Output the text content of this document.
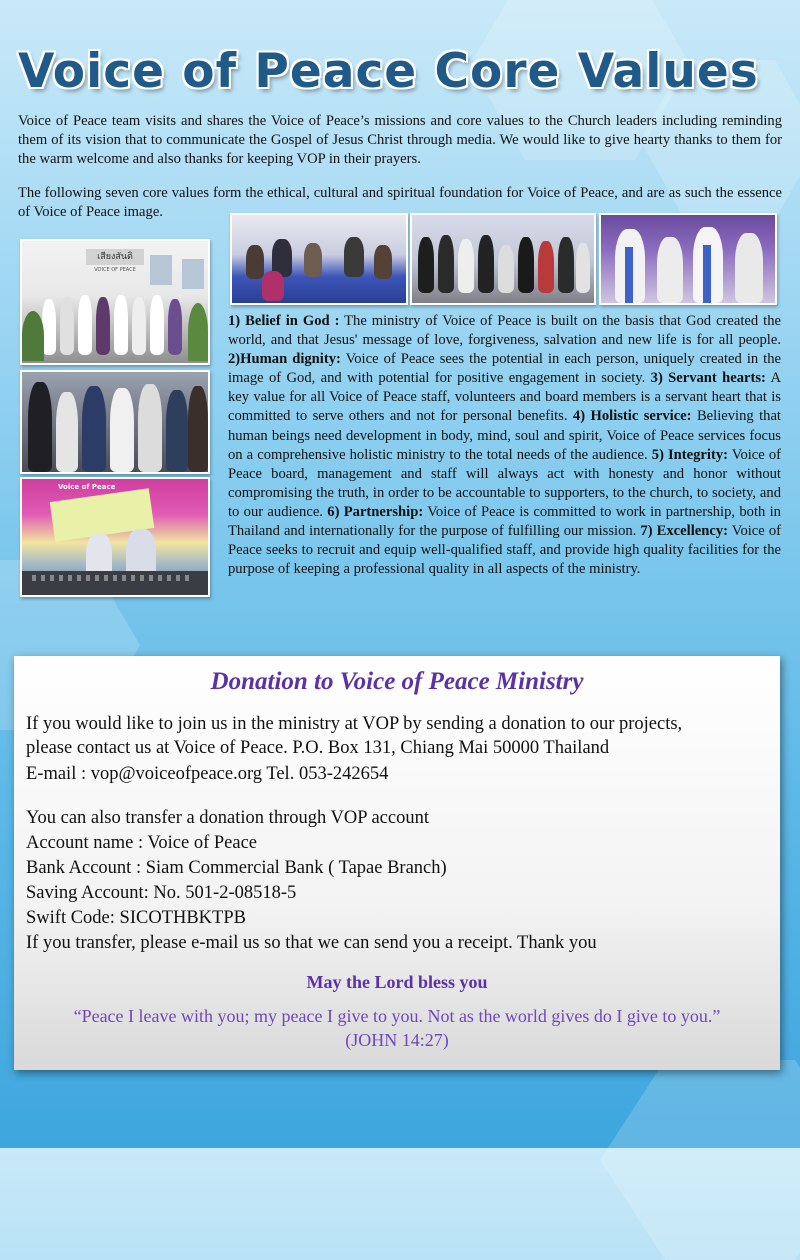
Voice of Peace Core Values

Voice of Peace team visits and shares the Voice of Peace’s missions and core values to the Church leaders including reminding them of its vision that to communicate the Gospel of Jesus Christ through media. We would like to give hearty thanks to them for the warm welcome and also thanks for keeping VOP in their prayers.

The following seven core values form the ethical, cultural and spiritual foundation for Voice of Peace, and are as such the essence of Voice of Peace image.

เสียงสันติ
VOICE OF PEACE
Voice of Peace

1) Belief in God : The ministry of Voice of Peace is built on the basis that God created the world, and that Jesus' message of love, forgiveness, salvation and new life is for all people. 2)Human dignity: Voice of Peace sees the potential in each person, uniquely created in the image of God, and with potential for positive engagement in society. 3) Servant hearts: A key value for all Voice of Peace staff, volunteers and board members is a servant heart that is committed to serve others and not for personal benefits. 4) Holistic service: Believing that human beings need development in body, mind, soul and spirit, Voice of Peace services focus on a comprehensive holistic ministry to the total needs of the audience. 5) Integrity: Voice of Peace board, management and staff will always act with honesty and honor without compromising the truth, in order to be accountable to supporters, to the church, to society, and to our audience. 6) Partnership: Voice of Peace is committed to work in partnership, both in Thailand and internationally for the purpose of fulfilling our mission. 7) Excellency: Voice of Peace seeks to recruit and equip well-qualified staff, and provide high quality facilities for the purpose of keeping a professional quality in all aspects of the ministry.

Donation to Voice of Peace Ministry

If you would like to join us in the ministry at VOP by sending a donation to our projects,

please contact us at Voice of Peace. P.O. Box 131, Chiang Mai 50000 Thailand

E-mail : vop@voiceofpeace.org Tel. 053-242654

You can also transfer a donation through VOP account

Account name : Voice of Peace

Bank Account : Siam Commercial Bank ( Tapae Branch)

Saving Account: No. 501-2-08518-5

Swift Code: SICOTHBKTPB

If you transfer, please e-mail us so that we can send you a receipt. Thank you

May the Lord bless you

“Peace I leave with you; my peace I give to you. Not as the world gives do I give to you.”
(JOHN 14:27)
